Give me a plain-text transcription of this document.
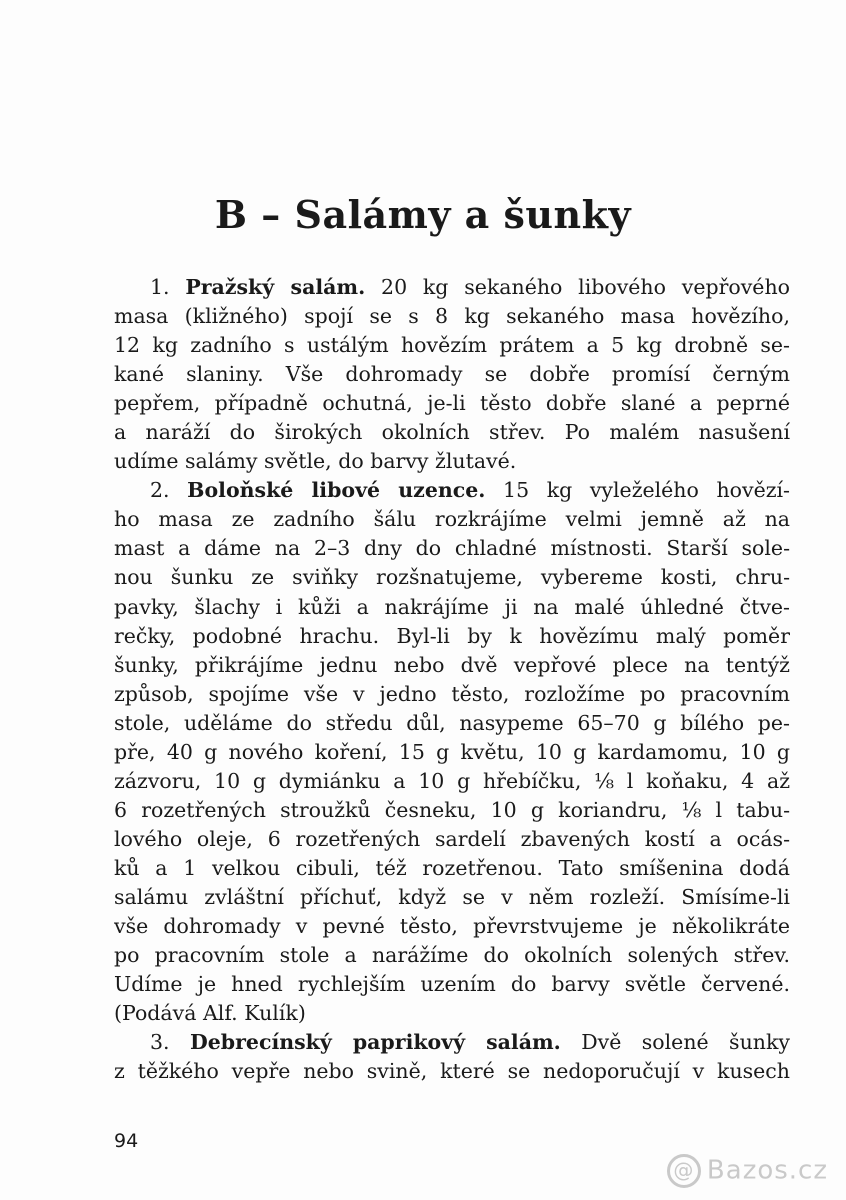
B – Salámy a šunky
1. Pražský salám. 20 kg sekaného libového vepřového
masa (kližného) spojí se s 8 kg sekaného masa hovězího,
12 kg zadního s ustálým hovězím prátem a 5 kg drobně se-
kané slaniny. Vše dohromady se dobře promísí černým
pepřem, případně ochutná, je-li těsto dobře slané a peprné
a naráží do širokých okolních střev. Po malém nasušení
udíme salámy světle, do barvy žlutavé.
2. Boloňské libové uzence. 15 kg vyleželého hovězí-
ho masa ze zadního šálu rozkrájíme velmi jemně až na
mast a dáme na 2–3 dny do chladné místnosti. Starší sole-
nou šunku ze sviňky rozšnatujeme, vybereme kosti, chru-
pavky, šlachy i kůži a nakrájíme ji na malé úhledné čtve-
rečky, podobné hrachu. Byl-li by k hovězímu malý poměr
šunky, přikrájíme jednu nebo dvě vepřové plece na tentýž
způsob, spojíme vše v jedno těsto, rozložíme po pracovním
stole, uděláme do středu důl, nasypeme 65–70 g bílého pe-
pře, 40 g nového koření, 15 g květu, 10 g kardamomu, 10 g
zázvoru, 10 g dymiánku a 10 g hřebíčku, ⅛ l koňaku, 4 až
6 rozetřených stroužků česneku, 10 g koriandru, ⅛ l tabu-
lového oleje, 6 rozetřených sardelí zbavených kostí a ocás-
ků a 1 velkou cibuli, též rozetřenou. Tato smíšenina dodá
salámu zvláštní příchuť, když se v něm rozleží. Smísíme-li
vše dohromady v pevné těsto, převrstvujeme je několikráte
po pracovním stole a narážíme do okolních solených střev.
Udíme je hned rychlejším uzením do barvy světle červené.
(Podává Alf. Kulík)
3. Debrecínský paprikový salám. Dvě solené šunky
z těžkého vepře nebo svině, které se nedoporučují v kusech

94

@ Bazos.cz
